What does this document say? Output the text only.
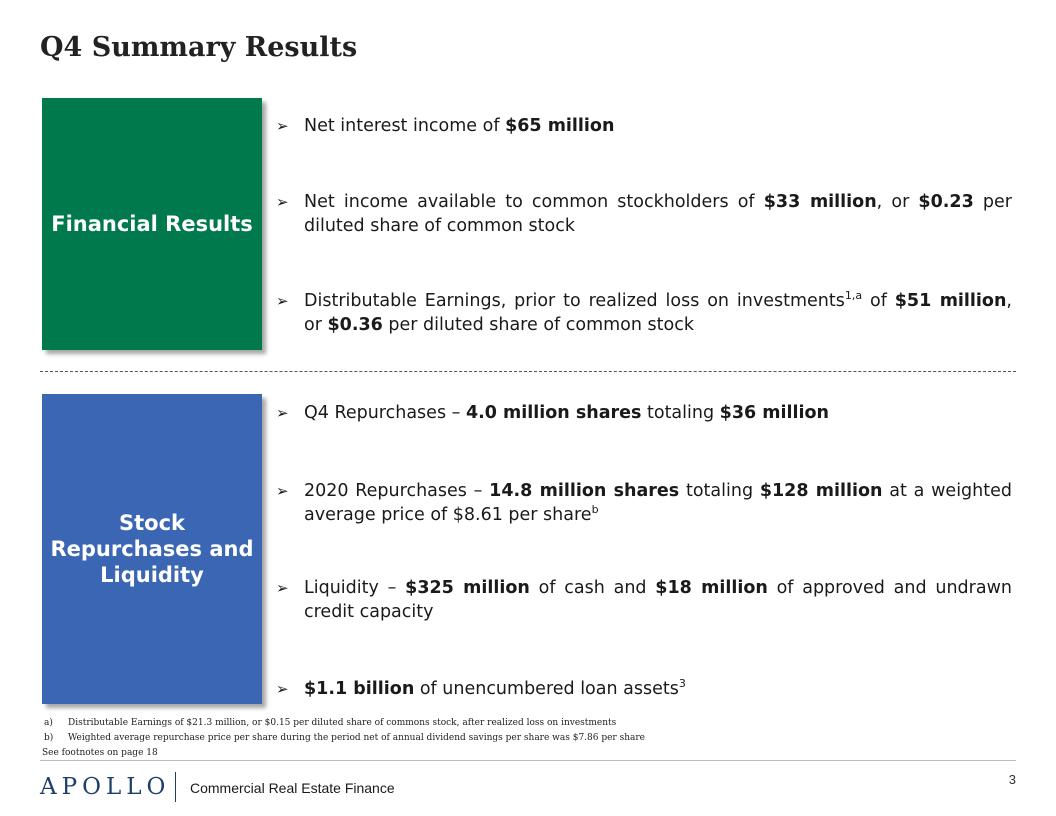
Q4 Summary Results
Financial Results
➢ Net interest income of $65 million
➢ Net income available to common stockholders of $33 million, or $0.23 per diluted share of common stock
➢ Distributable Earnings, prior to realized loss on investments$^{1,a}$ of $51 million, or $0.36 per diluted share of common stock
Stock Repurchases and Liquidity
➢ Q4 Repurchases – 4.0 million shares totaling $36 million
➢ 2020 Repurchases – 14.8 million shares totaling $128 million at a weighted average price of $8.61 per share$^b$
➢ Liquidity – $325 million of cash and $18 million of approved and undrawn credit capacity
➢ $1.1 billion of unencumbered loan assets$^3$
a)	Distributable Earnings of $21.3 million, or $0.15 per diluted share of commons stock, after realized loss on investments
b)	Weighted average repurchase price per share during the period net of annual dividend savings per share was $7.86 per share
See footnotes on page 18
APOLLO Commercial Real Estate Finance
3
